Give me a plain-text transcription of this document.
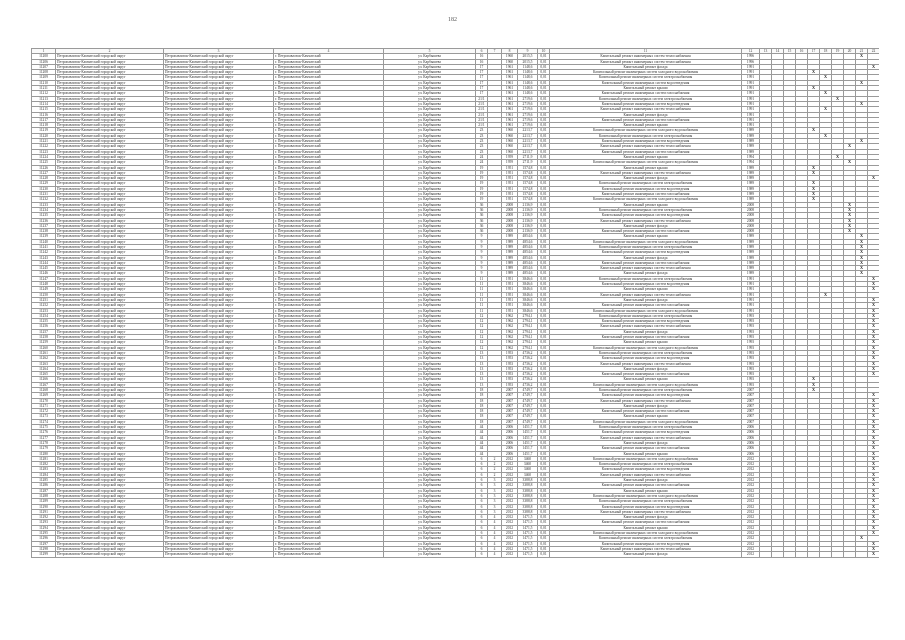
182
1	2	3	4	5	6	7	8	9	10	11	12	13	14	15	16	17	18	19	20	21	22
11200	Петропавловск-Камчатский городской округ	Петропавловск-Камчатский городской округ	г. Петропавловск-Камчатский	ул. Карбышева	16		1960	2015,5	0,01	Капитальный ремонт инженерных систем теплоснабжения	1996									X	
11206	Петропавловск-Камчатский городской округ	Петропавловск-Камчатский городской округ	г. Петропавловск-Камчатский	ул. Карбышева	16		1960	2015,5	0,01	Капитальный ремонт инженерных систем теплоснабжения	1996										
11207	Петропавловск-Камчатский городской округ	Петропавловск-Камчатский городской округ	г. Петропавловск-Камчатский	ул. Карбышева	17		1961	1148,6	0,01	Капитальный ремонт фасада	1991										X
11208	Петропавловск-Камчатский городской округ	Петропавловск-Камчатский городской округ	г. Петропавловск-Камчатский	ул. Карбышева	17		1961	1148,6	0,01	Капитальный ремонт инженерных систем холодного водоснабжения	1991					X					
11209	Петропавловск-Камчатский городской округ	Петропавловск-Камчатский городской округ	г. Петропавловск-Камчатский	ул. Карбышева	17		1961	1148,6	0,01	Капитальный ремонт инженерных систем электроснабжения	1991						X				
11210	Петропавловск-Камчатский городской округ	Петропавловск-Камчатский городской округ	г. Петропавловск-Камчатский	ул. Карбышева	17		1961	1148,6	0,01	Капитальный ремонт инженерных систем водоотведения	1991									X	
11211	Петропавловск-Камчатский городской округ	Петропавловск-Камчатский городской округ	г. Петропавловск-Камчатский	ул. Карбышева	17		1961	1148,6	0,01	Капитальный ремонт крыши	1991					X					
11212	Петропавловск-Камчатский городской округ	Петропавловск-Камчатский городской округ	г. Петропавловск-Камчатский	ул. Карбышева	17		1961	1148,6	0,01	Капитальный ремонт инженерных систем газоснабжения	1991						X				
11213	Петропавловск-Камчатский городской округ	Петропавловск-Камчатский городской округ	г. Петропавловск-Камчатский	ул. Карбышева	21/1		1961	2719,6	0,01	Капитальный ремонт инженерных систем электроснабжения	1991							X			
11214	Петропавловск-Камчатский городской округ	Петропавловск-Камчатский городской округ	г. Петропавловск-Камчатский	ул. Карбышева	21/1		1961	2719,6	0,01	Капитальный ремонт инженерных систем водоотведения	1991									X	
11215	Петропавловск-Камчатский городской округ	Петропавловск-Камчатский городской округ	г. Петропавловск-Камчатский	ул. Карбышева	21/1		1961	2719,6	0,01	Капитальный ремонт инженерных систем теплоснабжения	1991						X				
11216	Петропавловск-Камчатский городской округ	Петропавловск-Камчатский городской округ	г. Петропавловск-Камчатский	ул. Карбышева	21/1		1961	2719,6	0,01	Капитальный ремонт фасада	1991										
11217	Петропавловск-Камчатский городской округ	Петропавловск-Камчатский городской округ	г. Петропавловск-Камчатский	ул. Карбышева	21/1		1961	2719,6	0,01	Капитальный ремонт инженерных систем газоснабжения	1991										
11218	Петропавловск-Камчатский городской округ	Петропавловск-Камчатский городской округ	г. Петропавловск-Камчатский	ул. Карбышева	21/1		1961	2719,6	0,01	Капитальный ремонт крыши	1991										
11219	Петропавловск-Камчатский городской округ	Петропавловск-Камчатский городской округ	г. Петропавловск-Камчатский	ул. Карбышева	23		1960	2213,7	0,01	Капитальный ремонт инженерных систем холодного водоснабжения	1989					X					
11220	Петропавловск-Камчатский городской округ	Петропавловск-Камчатский городской округ	г. Петропавловск-Камчатский	ул. Карбышева	23		1960	2213,7	0,01	Капитальный ремонт инженерных систем электроснабжения	1989						X				
11221	Петропавловск-Камчатский городской округ	Петропавловск-Камчатский городской округ	г. Петропавловск-Камчатский	ул. Карбышева	23		1960	2213,7	0,01	Капитальный ремонт инженерных систем водоотведения	1989									X	
11222	Петропавловск-Камчатский городской округ	Петропавловск-Камчатский городской округ	г. Петропавловск-Камчатский	ул. Карбышева	23		1960	2213,7	0,01	Капитальный ремонт инженерных систем теплоснабжения	1989								X		
11223	Петропавловск-Камчатский городской округ	Петропавловск-Камчатский городской округ	г. Петропавловск-Камчатский	ул. Карбышева	23		1960	2213,7	0,01	Капитальный ремонт инженерных систем газоснабжения	1989										
11224	Петропавловск-Камчатский городской округ	Петропавловск-Камчатский городской округ	г. Петропавловск-Камчатский	ул. Карбышева	24		1959	2711,9	0,01	Капитальный ремонт крыши	1994							X			
11225	Петропавловск-Камчатский городской округ	Петропавловск-Камчатский городской округ	г. Петропавловск-Камчатский	ул. Карбышева	24		1959	2711,9	0,01	Капитальный ремонт инженерных систем холодного водоснабжения	1994								X		
11226	Петропавловск-Камчатский городской округ	Петропавловск-Камчатский городской округ	г. Петропавловск-Камчатский	ул. Карбышева	19		1951	1574,8	0,01	Капитальный ремонт крыши	1989					X					
11227	Петропавловск-Камчатский городской округ	Петропавловск-Камчатский городской округ	г. Петропавловск-Камчатский	ул. Карбышева	19		1951	1574,8	0,01	Капитальный ремонт инженерных систем теплоснабжения	1989					X					
11228	Петропавловск-Камчатский городской округ	Петропавловск-Камчатский городской округ	г. Петропавловск-Камчатский	ул. Карбышева	19		1951	1574,8	0,01	Капитальный ремонт фасада	1989										X
11229	Петропавловск-Камчатский городской округ	Петропавловск-Камчатский городской округ	г. Петропавловск-Камчатский	ул. Карбышева	19		1951	1574,8	0,01	Капитальный ремонт инженерных систем электроснабжения	1989					X					
11230	Петропавловск-Камчатский городской округ	Петропавловск-Камчатский городской округ	г. Петропавловск-Камчатский	ул. Карбышева	19		1951	1574,8	0,01	Капитальный ремонт инженерных систем водоотведения	1989					X					
11231	Петропавловск-Камчатский городской округ	Петропавловск-Камчатский городской округ	г. Петропавловск-Камчатский	ул. Карбышева	19		1951	1574,8	0,01	Капитальный ремонт инженерных систем газоснабжения	1989					X					
11232	Петропавловск-Камчатский городской округ	Петропавловск-Камчатский городской округ	г. Петропавловск-Камчатский	ул. Карбышева	19		1951	1574,8	0,01	Капитальный ремонт инженерных систем холодного водоснабжения	1989					X					
11233	Петропавловск-Камчатский городской округ	Петропавловск-Камчатский городской округ	г. Петропавловск-Камчатский	ул. Карбышева	36		2008	2136,9	0,01	Капитальный ремонт крыши	2008								X		
11234	Петропавловск-Камчатский городской округ	Петропавловск-Камчатский городской округ	г. Петропавловск-Камчатский	ул. Карбышева	36		2008	2136,9	0,01	Капитальный ремонт инженерных систем электроснабжения	2008								X		
11235	Петропавловск-Камчатский городской округ	Петропавловск-Камчатский городской округ	г. Петропавловск-Камчатский	ул. Карбышева	36		2008	2136,9	0,01	Капитальный ремонт инженерных систем водоотведения	2008								X		
11236	Петропавловск-Камчатский городской округ	Петропавловск-Камчатский городской округ	г. Петропавловск-Камчатский	ул. Карбышева	36		2008	2136,9	0,01	Капитальный ремонт инженерных систем теплоснабжения	2008								X		
11237	Петропавловск-Камчатский городской округ	Петропавловск-Камчатский городской округ	г. Петропавловск-Камчатский	ул. Карбышева	36		2008	2136,9	0,01	Капитальный ремонт фасада	2008								X		
11238	Петропавловск-Камчатский городской округ	Петропавловск-Камчатский городской округ	г. Петропавловск-Камчатский	ул. Карбышева	36		2008	2136,9	0,01	Капитальный ремонт инженерных систем газоснабжения	2008								X		
11239	Петропавловск-Камчатский городской округ	Петропавловск-Камчатский городской округ	г. Петропавловск-Камчатский	ул. Карбышева	9		1989	4854,6	0,01	Капитальный ремонт крыши	1989									X	
11240	Петропавловск-Камчатский городской округ	Петропавловск-Камчатский городской округ	г. Петропавловск-Камчатский	ул. Карбышева	9		1989	4854,6	0,01	Капитальный ремонт инженерных систем холодного водоснабжения	1989									X	
11241	Петропавловск-Камчатский городской округ	Петропавловск-Камчатский городской округ	г. Петропавловск-Камчатский	ул. Карбышева	9		1989	4854,6	0,01	Капитальный ремонт инженерных систем электроснабжения	1989									X	
11242	Петропавловск-Камчатский городской округ	Петропавловск-Камчатский городской округ	г. Петропавловск-Камчатский	ул. Карбышева	9		1989	4854,6	0,01	Капитальный ремонт инженерных систем водоотведения	1989									X	
11243	Петропавловск-Камчатский городской округ	Петропавловск-Камчатский городской округ	г. Петропавловск-Камчатский	ул. Карбышева	9		1989	4854,6	0,01	Капитальный ремонт фасада	1989									X	
11244	Петропавловск-Камчатский городской округ	Петропавловск-Камчатский городской округ	г. Петропавловск-Камчатский	ул. Карбышева	9		1989	4854,6	0,01	Капитальный ремонт инженерных систем газоснабжения	1989									X	
11245	Петропавловск-Камчатский городской округ	Петропавловск-Камчатский городской округ	г. Петропавловск-Камчатский	ул. Карбышева	9		1989	4854,6	0,01	Капитальный ремонт инженерных систем теплоснабжения	1989									X	
11246	Петропавловск-Камчатский городской округ	Петропавловск-Камчатский городской округ	г. Петропавловск-Камчатский	ул. Карбышева	9		1989	4854,6	0,01	Капитальный ремонт фасада	1989									X	
11247	Петропавловск-Камчатский городской округ	Петропавловск-Камчатский городской округ	г. Петропавловск-Камчатский	ул. Карбышева	11		1951	3846,6	0,01	Капитальный ремонт инженерных систем электроснабжения	1991										X
11248	Петропавловск-Камчатский городской округ	Петропавловск-Камчатский городской округ	г. Петропавловск-Камчатский	ул. Карбышева	11		1951	3846,6	0,01	Капитальный ремонт инженерных систем водоотведения	1991										X
11249	Петропавловск-Камчатский городской округ	Петропавловск-Камчатский городской округ	г. Петропавловск-Камчатский	ул. Карбышева	11		1951	3846,6	0,01	Капитальный ремонт крыши	1991										X
11250	Петропавловск-Камчатский городской округ	Петропавловск-Камчатский городской округ	г. Петропавловск-Камчатский	ул. Карбышева	11		1951	3846,6	0,01	Капитальный ремонт инженерных систем теплоснабжения	1991						X				
11251	Петропавловск-Камчатский городской округ	Петропавловск-Камчатский городской округ	г. Петропавловск-Камчатский	ул. Карбышева	11		1951	3846,6	0,01	Капитальный ремонт фасада	1991										X
11252	Петропавловск-Камчатский городской округ	Петропавловск-Камчатский городской округ	г. Петропавловск-Камчатский	ул. Карбышева	11		1951	3846,6	0,01	Капитальный ремонт инженерных систем газоснабжения	1991										X
11253	Петропавловск-Камчатский городской округ	Петропавловск-Камчатский городской округ	г. Петропавловск-Камчатский	ул. Карбышева	11		1951	3846,6	0,01	Капитальный ремонт инженерных систем холодного водоснабжения	1991										X
11254	Петропавловск-Камчатский городской округ	Петропавловск-Камчатский городской округ	г. Петропавловск-Камчатский	ул. Карбышева	12		1962	2794,1	0,01	Капитальный ремонт инженерных систем электроснабжения	1993										X
11255	Петропавловск-Камчатский городской округ	Петропавловск-Камчатский городской округ	г. Петропавловск-Камчатский	ул. Карбышева	12		1962	2794,1	0,01	Капитальный ремонт инженерных систем водоотведения	1993										X
11256	Петропавловск-Камчатский городской округ	Петропавловск-Камчатский городской округ	г. Петропавловск-Камчатский	ул. Карбышева	12		1962	2794,1	0,01	Капитальный ремонт инженерных систем теплоснабжения	1993										X
11257	Петропавловск-Камчатский городской округ	Петропавловск-Камчатский городской округ	г. Петропавловск-Камчатский	ул. Карбышева	12		1962	2794,1	0,01	Капитальный ремонт фасада	1993										X
11258	Петропавловск-Камчатский городской округ	Петропавловск-Камчатский городской округ	г. Петропавловск-Камчатский	ул. Карбышева	12		1962	2794,1	0,01	Капитальный ремонт инженерных систем газоснабжения	1993										X
11259	Петропавловск-Камчатский городской округ	Петропавловск-Камчатский городской округ	г. Петропавловск-Камчатский	ул. Карбышева	12		1962	2794,1	0,01	Капитальный ремонт крыши	1993										X
11260	Петропавловск-Камчатский городской округ	Петропавловск-Камчатский городской округ	г. Петропавловск-Камчатский	ул. Карбышева	12		1962	2794,1	0,01	Капитальный ремонт инженерных систем холодного водоснабжения	1993										X
11261	Петропавловск-Камчатский городской округ	Петропавловск-Камчатский городской округ	г. Петропавловск-Камчатский	ул. Карбышева	13		1953	4736,2	0,01	Капитальный ремонт инженерных систем электроснабжения	1993										X
11262	Петропавловск-Камчатский городской округ	Петропавловск-Камчатский городской округ	г. Петропавловск-Камчатский	ул. Карбышева	13		1953	4736,2	0,01	Капитальный ремонт инженерных систем водоотведения	1993										X
11263	Петропавловск-Камчатский городской округ	Петропавловск-Камчатский городской округ	г. Петропавловск-Камчатский	ул. Карбышева	13		1953	4736,2	0,01	Капитальный ремонт инженерных систем теплоснабжения	1993										X
11264	Петропавловск-Камчатский городской округ	Петропавловск-Камчатский городской округ	г. Петропавловск-Камчатский	ул. Карбышева	13		1953	4736,2	0,01	Капитальный ремонт фасада	1993										X
11265	Петропавловск-Камчатский городской округ	Петропавловск-Камчатский городской округ	г. Петропавловск-Камчатский	ул. Карбышева	13		1953	4736,2	0,01	Капитальный ремонт инженерных систем газоснабжения	1993										X
11266	Петропавловск-Камчатский городской округ	Петропавловск-Камчатский городской округ	г. Петропавловск-Камчатский	ул. Карбышева	13		1953	4736,2	0,01	Капитальный ремонт крыши	1993					X					
11267	Петропавловск-Камчатский городской округ	Петропавловск-Камчатский городской округ	г. Петропавловск-Камчатский	ул. Карбышева	13		1953	4736,2	0,01	Капитальный ремонт инженерных систем холодного водоснабжения	1993					X					
11268	Петропавловск-Камчатский городской округ	Петропавловск-Камчатский городской округ	г. Петропавловск-Камчатский	ул. Карбышева	18		2007	4749,7	0,01	Капитальный ремонт инженерных систем электроснабжения	2007					X					
11269	Петропавловск-Камчатский городской округ	Петропавловск-Камчатский городской округ	г. Петропавловск-Камчатский	ул. Карбышева	18		2007	4749,7	0,01	Капитальный ремонт инженерных систем водоотведения	2007										X
11270	Петропавловск-Камчатский городской округ	Петропавловск-Камчатский городской округ	г. Петропавловск-Камчатский	ул. Карбышева	18		2007	4749,7	0,01	Капитальный ремонт инженерных систем теплоснабжения	2007										X
11271	Петропавловск-Камчатский городской округ	Петропавловск-Камчатский городской округ	г. Петропавловск-Камчатский	ул. Карбышева	18		2007	4749,7	0,01	Капитальный ремонт фасада	2007										X
11272	Петропавловск-Камчатский городской округ	Петропавловск-Камчатский городской округ	г. Петропавловск-Камчатский	ул. Карбышева	18		2007	4749,7	0,01	Капитальный ремонт инженерных систем газоснабжения	2007										X
11273	Петропавловск-Камчатский городской округ	Петропавловск-Камчатский городской округ	г. Петропавловск-Камчатский	ул. Карбышева	18		2007	4749,7	0,01	Капитальный ремонт крыши	2007										X
11274	Петропавловск-Камчатский городской округ	Петропавловск-Камчатский городской округ	г. Петропавловск-Камчатский	ул. Карбышева	18		2007	4749,7	0,01	Капитальный ремонт инженерных систем холодного водоснабжения	2007										X
11275	Петропавловск-Камчатский городской округ	Петропавловск-Камчатский городской округ	г. Петропавловск-Камчатский	ул. Карбышева	44		2006	1451,7	0,01	Капитальный ремонт инженерных систем электроснабжения	2006										X
11276	Петропавловск-Камчатский городской округ	Петропавловск-Камчатский городской округ	г. Петропавловск-Камчатский	ул. Карбышева	44		2006	1451,7	0,01	Капитальный ремонт инженерных систем водоотведения	2006										X
11277	Петропавловск-Камчатский городской округ	Петропавловск-Камчатский городской округ	г. Петропавловск-Камчатский	ул. Карбышева	44		2006	1451,7	0,01	Капитальный ремонт инженерных систем теплоснабжения	2006										X
11278	Петропавловск-Камчатский городской округ	Петропавловск-Камчатский городской округ	г. Петропавловск-Камчатский	ул. Карбышева	44		2006	1451,7	0,01	Капитальный ремонт фасада	2006										X
11279	Петропавловск-Камчатский городской округ	Петропавловск-Камчатский городской округ	г. Петропавловск-Камчатский	ул. Карбышева	44		2006	1451,7	0,01	Капитальный ремонт инженерных систем газоснабжения	2006										X
11280	Петропавловск-Камчатский городской округ	Петропавловск-Камчатский городской округ	г. Петропавловск-Камчатский	ул. Карбышева	44		2006	1451,7	0,01	Капитальный ремонт крыши	2006										X
11281	Петропавловск-Камчатский городской округ	Петропавловск-Камчатский городской округ	г. Петропавловск-Камчатский	ул. Карбышева	6	2	2012	3460	0,01	Капитальный ремонт инженерных систем холодного водоснабжения	2012										X
11282	Петропавловск-Камчатский городской округ	Петропавловск-Камчатский городской округ	г. Петропавловск-Камчатский	ул. Карбышева	6	2	2012	3460	0,01	Капитальный ремонт инженерных систем электроснабжения	2012										X
11283	Петропавловск-Камчатский городской округ	Петропавловск-Камчатский городской округ	г. Петропавловск-Камчатский	ул. Карбышева	6	2	2012	3460	0,01	Капитальный ремонт инженерных систем водоотведения	2012										X
11284	Петропавловск-Камчатский городской округ	Петропавловск-Камчатский городской округ	г. Петропавловск-Камчатский	ул. Карбышева	6	2	2012	3460	0,01	Капитальный ремонт инженерных систем теплоснабжения	2012										X
11285	Петропавловск-Камчатский городской округ	Петропавловск-Камчатский городской округ	г. Петропавловск-Камчатский	ул. Карбышева	6	3	2012	3388,8	0,01	Капитальный ремонт фасада	2012										X
11286	Петропавловск-Камчатский городской округ	Петропавловск-Камчатский городской округ	г. Петропавловск-Камчатский	ул. Карбышева	6	3	2012	3388,8	0,01	Капитальный ремонт инженерных систем газоснабжения	2012										X
11287	Петропавловск-Камчатский городской округ	Петропавловск-Камчатский городской округ	г. Петропавловск-Камчатский	ул. Карбышева	6	3	2012	3388,8	0,01	Капитальный ремонт крыши	2012										X
11288	Петропавловск-Камчатский городской округ	Петропавловск-Камчатский городской округ	г. Петропавловск-Камчатский	ул. Карбышева	6	3	2012	3388,8	0,01	Капитальный ремонт инженерных систем холодного водоснабжения	2012										X
11289	Петропавловск-Камчатский городской округ	Петропавловск-Камчатский городской округ	г. Петропавловск-Камчатский	ул. Карбышева	6	3	2012	3388,8	0,01	Капитальный ремонт инженерных систем электроснабжения	2012										X
11290	Петропавловск-Камчатский городской округ	Петропавловск-Камчатский городской округ	г. Петропавловск-Камчатский	ул. Карбышева	6	3	2012	3388,8	0,01	Капитальный ремонт инженерных систем водоотведения	2012										X
11291	Петропавловск-Камчатский городской округ	Петропавловск-Камчатский городской округ	г. Петропавловск-Камчатский	ул. Карбышева	6	3	2012	3388,8	0,01	Капитальный ремонт инженерных систем теплоснабжения	2012										X
11292	Петропавловск-Камчатский городской округ	Петропавловск-Камчатский городской округ	г. Петропавловск-Камчатский	ул. Карбышева	6	4	2012	1471,5	0,01	Капитальный ремонт фасада	2012										X
11293	Петропавловск-Камчатский городской округ	Петропавловск-Камчатский городской округ	г. Петропавловск-Камчатский	ул. Карбышева	6	4	2012	1471,5	0,01	Капитальный ремонт инженерных систем газоснабжения	2012										X
11294	Петропавловск-Камчатский городской округ	Петропавловск-Камчатский городской округ	г. Петропавловск-Камчатский	ул. Карбышева	6	4	2012	1471,5	0,01	Капитальный ремонт крыши	2012										X
11295	Петропавловск-Камчатский городской округ	Петропавловск-Камчатский городской округ	г. Петропавловск-Камчатский	ул. Карбышева	6	4	2012	1471,5	0,01	Капитальный ремонт инженерных систем холодного водоснабжения	2012										X
11296	Петропавловск-Камчатский городской округ	Петропавловск-Камчатский городской округ	г. Петропавловск-Камчатский	ул. Карбышева	6	4	2012	1471,5	0,01	Капитальный ремонт инженерных систем электроснабжения	2012									X	
11297	Петропавловск-Камчатский городской округ	Петропавловск-Камчатский городской округ	г. Петропавловск-Камчатский	ул. Карбышева	6	4	2012	1471,5	0,01	Капитальный ремонт инженерных систем водоотведения	2012										X
11298	Петропавловск-Камчатский городской округ	Петропавловск-Камчатский городской округ	г. Петропавловск-Камчатский	ул. Карбышева	6	4	2012	1471,5	0,01	Капитальный ремонт инженерных систем теплоснабжения	2012										X
11299	Петропавловск-Камчатский городской округ	Петропавловск-Камчатский городской округ	г. Петропавловск-Камчатский	ул. Карбышева	6	4	2012	1471,5	0,01	Капитальный ремонт фасада	2012										X
